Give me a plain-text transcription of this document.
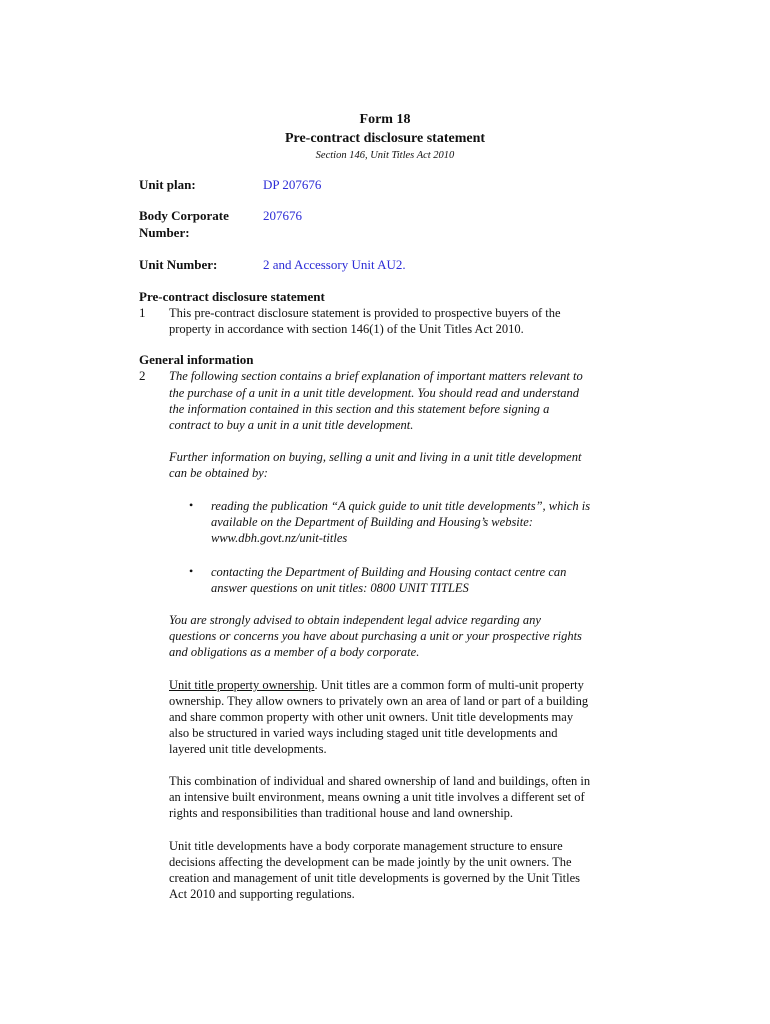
Form 18
Pre-contract disclosure statement
Section 146, Unit Titles Act 2010
Unit plan:	DP 207676
Body Corporate
Number:
207676
Unit Number:	2 and Accessory Unit AU2.
Pre-contract disclosure statement
1 This pre-contract disclosure statement is provided to prospective buyers of the
property in accordance with section 146(1) of the Unit Titles Act 2010.
General information
2 The following section contains a brief explanation of important matters relevant to
the purchase of a unit in a unit title development. You should read and understand
the information contained in this section and this statement before signing a
contract to buy a unit in a unit title development.
Further information on buying, selling a unit and living in a unit title development
can be obtained by:
• reading the publication “A quick guide to unit title developments”, which is
available on the Department of Building and Housing’s website:
www.dbh.govt.nz/unit-titles
• contacting the Department of Building and Housing contact centre can
answer questions on unit titles: 0800 UNIT TITLES
You are strongly advised to obtain independent legal advice regarding any
questions or concerns you have about purchasing a unit or your prospective rights
and obligations as a member of a body corporate.
Unit title property ownership. Unit titles are a common form of multi-unit property
ownership. They allow owners to privately own an area of land or part of a building
and share common property with other unit owners. Unit title developments may
also be structured in varied ways including staged unit title developments and
layered unit title developments.
This combination of individual and shared ownership of land and buildings, often in
an intensive built environment, means owning a unit title involves a different set of
rights and responsibilities than traditional house and land ownership.
Unit title developments have a body corporate management structure to ensure
decisions affecting the development can be made jointly by the unit owners. The
creation and management of unit title developments is governed by the Unit Titles
Act 2010 and supporting regulations.
